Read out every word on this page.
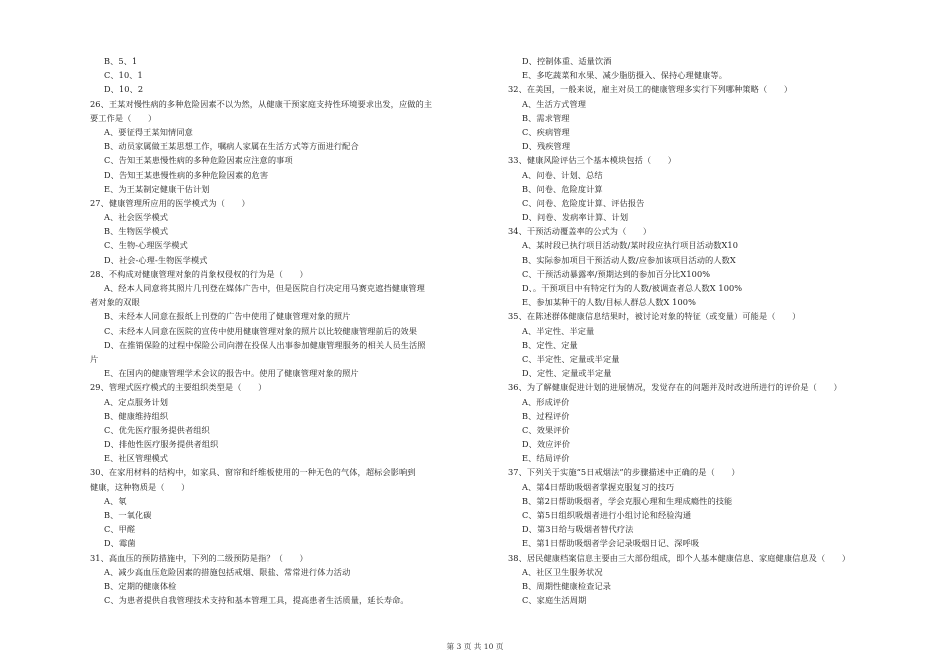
B、5、1
C、10、1
D、10、2
26、王某对慢性病的多种危险因素不以为然，从健康干预家庭支持性环境要求出发，应做的主
要工作是（　　）
A、要征得王某知情同意
B、动员家属做王某思想工作，嘱病人家属在生活方式等方面进行配合
C、告知王某患慢性病的多种危险因素应注意的事项
D、告知王某患慢性病的多种危险因素的危害
E、为王某制定健康干估计划
27、健康管理所应用的医学模式为（　　）
A、社会医学模式
B、生物医学模式
C、生物-心理医学模式
D、社会-心理-生物医学模式
28、不构成对健康管理对象的肖象权侵权的行为是（　　）
A、经本人同意将其照片几刊登在媒体广告中，但是医院自行决定用马赛克遮挡健康管理
者对象的双眼
B、未经本人同意在报纸上刊登的广告中使用了健康管理对象的照片
C、未经本人同意在医院的宣传中使用健康管理对象的照片以比较健康管理前后的效果
D、在推销保险的过程中保险公司向潜在投保人出事参加健康管理服务的相关人员生活照
片
E、在国内的健康管理学术会议的报告中。使用了健康管理对象的照片
29、管理式医疗模式的主要组织类型是（　　）
A、定点服务计划
B、健康维持组织
C、优先医疗服务提供者组织
D、排他性医疗服务提供者组织
E、社区管理模式
30、在家用材料的结构中，如家具、窗帘和纤维板使用的一种无色的气体，超标会影响到
健康，这种物质是（　　）
A、氡
B、一氧化碳
C、甲醛
D、霉菌
31、高血压的预防措施中，下列的二级预防是指？（　　）
A、减少高血压危险因素的措施包括戒烟、限盐、常常进行体力活动
B、定期的健康体检
C、为患者提供自我管理技术支持和基本管理工具，提高患者生活质量，延长寿命。
D、控制体重、适量饮酒
E、多吃蔬菜和水果、减少脂肪摄入、保持心理健康等。
32、在美国，一般来说，雇主对员工的健康管理多实行下列哪种策略（　　）
A、生活方式管理
B、需求管理
C、疾病管理
D、残疾管理
33、健康风险评估三个基本模块包括（　　）
A、问卷、计划、总结
B、问卷、危险度计算
C、问卷、危险度计算、评估报告
D、问卷、发病率计算、计划
34、干预活动覆盖率的公式为（　　）
A、某时段已执行项目活动数/某时段应执行项目活动数X10
B、实际参加项目干预活动人数/应参加该项目活动的人数X
C、干预活动暴露率/预期达到的参加百分比X100%
D、。干预项目中有特定行为的人数/被调查者总人数X 100%
E、参加某种干的人数/目标人群总人数X 100%
35、在陈述群体健康信息结果时，被讨论对象的特征（或变量）可能是（　　）
A、半定性、半定量
B、定性、定量
C、半定性、定量或半定量
D、定性、定量或半定量
36、为了解健康促进计划的进展情况，发觉存在的问题并及时改进所进行的评价是（　　）
A、形成评价
B、过程评价
C、效果评价
D、效应评价
E、结局评价
37、下列关于实施“5日戒烟法”的步骤描述中正确的是（　　）
A、第4日帮助吸烟者掌握克服复习的技巧
B、第2日帮助吸烟者，学会克服心理和生理成瘾性的技能
C、第5日组织吸烟者进行小组讨论和经验沟通
D、第3日给与吸烟者替代疗法
E、第1日帮助吸烟者学会记录吸烟日记、深呼吸
38、居民健康档案信息主要由三大部份组成，即个人基本健康信息、家庭健康信息及（　　）
A、社区卫生服务状况
B、周期性健康检查记录
C、家庭生活周期
第 3 页 共 10 页
